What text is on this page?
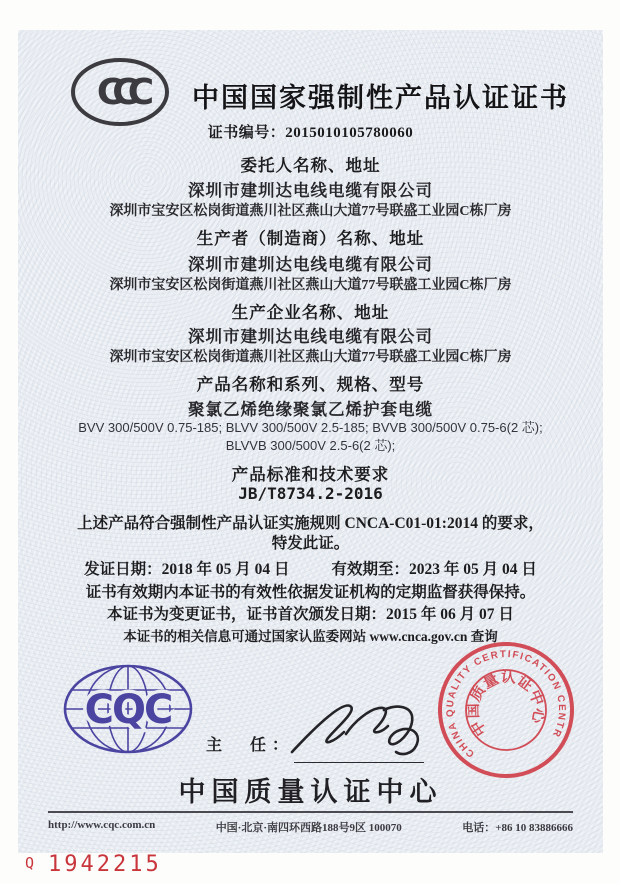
CCC	中国国家强制性产品认证证书
证书编号：2015010105780060
委托人名称、地址
深圳市建圳达电线电缆有限公司
深圳市宝安区松岗街道燕川社区燕山大道77号联盛工业园C栋厂房
生产者（制造商）名称、地址
深圳市建圳达电线电缆有限公司
深圳市宝安区松岗街道燕川社区燕山大道77号联盛工业园C栋厂房
生产企业名称、地址
深圳市建圳达电线电缆有限公司
深圳市宝安区松岗街道燕川社区燕山大道77号联盛工业园C栋厂房
产品名称和系列、规格、型号
聚氯乙烯绝缘聚氯乙烯护套电缆
BVV 300/500V 0.75-185; BLVV 300/500V 2.5-185; BVVB 300/500V 0.75-6(2 芯); BLVVB 300/500V 2.5-6(2 芯);
产品标准和技术要求
JB/T8734.2-2016
上述产品符合强制性产品认证实施规则 CNCA-C01-01:2014 的要求，
特发此证。
发证日期：2018 年 05 月 04 日	有效期至：2023 年 05 月 04 日
证书有效期内本证书的有效性依据发证机构的定期监督获得保持。
本证书为变更证书，证书首次颁发日期：2015 年 06 月 07 日
本证书的相关信息可通过国家认监委网站 www.cnca.gov.cn 查询
CQC
主　任：	CHINA QUALITY CERTIFICATION CENTRE
中国质量认证中心
中国质量认证中心
http://www.cqc.com.cn	中国·北京·南四环西路188号9区 100070	电话：+86 10 83886666
Q 1942215
